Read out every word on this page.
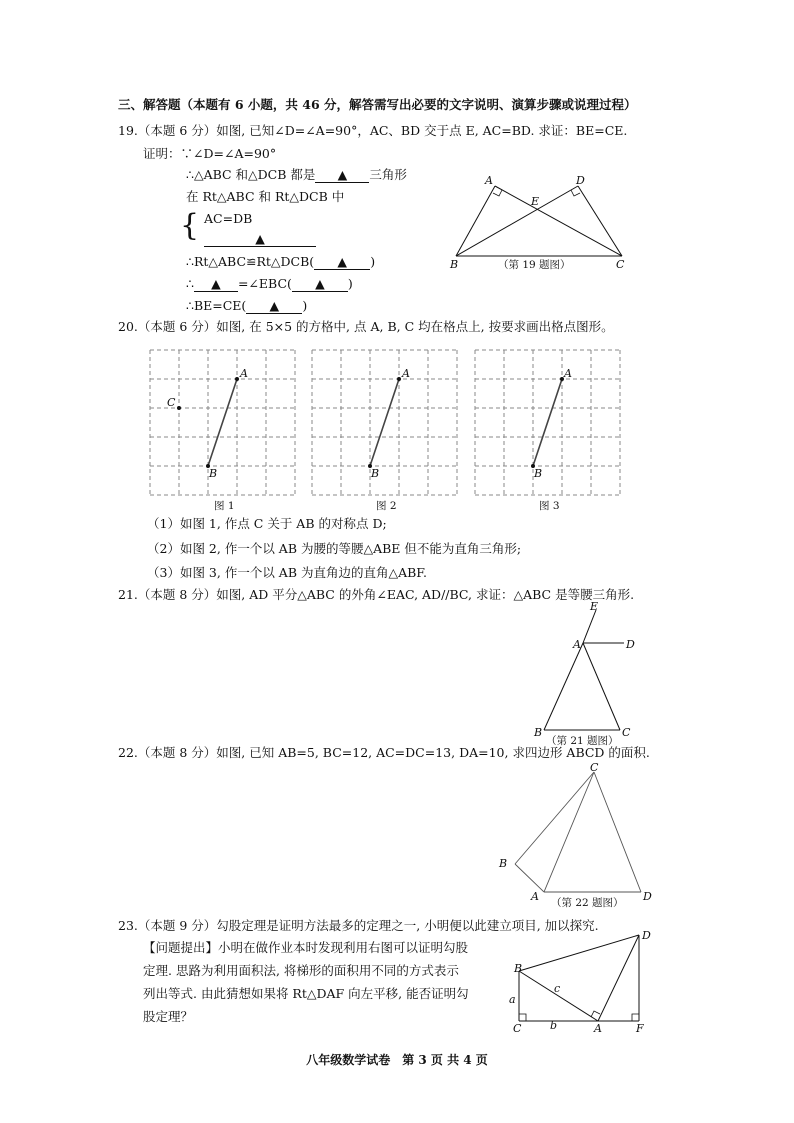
三、解答题（本题有 6 小题，共 46 分，解答需写出必要的文字说明、演算步骤或说理过程）
19.（本题 6 分）如图, 已知∠D=∠A=90°，AC、BD 交于点 E, AC=BD. 求证：BE=CE.
证明：∵∠D=∠A=90°
∴△ABC 和△DCB 都是 ▲ 三角形
在 Rt△ABC 和 Rt△DCB 中
{ AC=DB
▲
∴Rt△ABC≌Rt△DCB( ▲ )
∴ ▲ =∠EBC( ▲ )
∴BE=CE( ▲ )
A	D
E
B	C
（第 19 题图）
20.（本题 6 分）如图, 在 5×5 的方格中, 点 A, B, C 均在格点上, 按要求画出格点图形。
A
B
C
图 1
A
B
图 2
A
B
图 3
（1）如图 1, 作点 C 关于 AB 的对称点 D;
（2）如图 2, 作一个以 AB 为腰的等腰△ABE 但不能为直角三角形;
（3）如图 3, 作一个以 AB 为直角边的直角△ABF.
21.（本题 8 分）如图, AD 平分△ABC 的外角∠EAC, AD//BC, 求证：△ABC 是等腰三角形.
E
A	D
B	C
（第 21 题图）
22.（本题 8 分）如图, 已知 AB=5, BC=12, AC=DC=13, DA=10, 求四边形 ABCD 的面积.
C
B
A	D
（第 22 题图）
23.（本题 9 分）勾股定理是证明方法最多的定理之一, 小明便以此建立项目, 加以探究.
【问题提出】小明在做作业本时发现利用右图可以证明勾股
定理. 思路为利用面积法, 将梯形的面积用不同的方式表示
列出等式. 由此猜想如果将 Rt△DAF 向左平移, 能否证明勾
股定理？
B
D
C	A	F
a
b
c
八年级数学试卷　第 3 页 共 4 页
